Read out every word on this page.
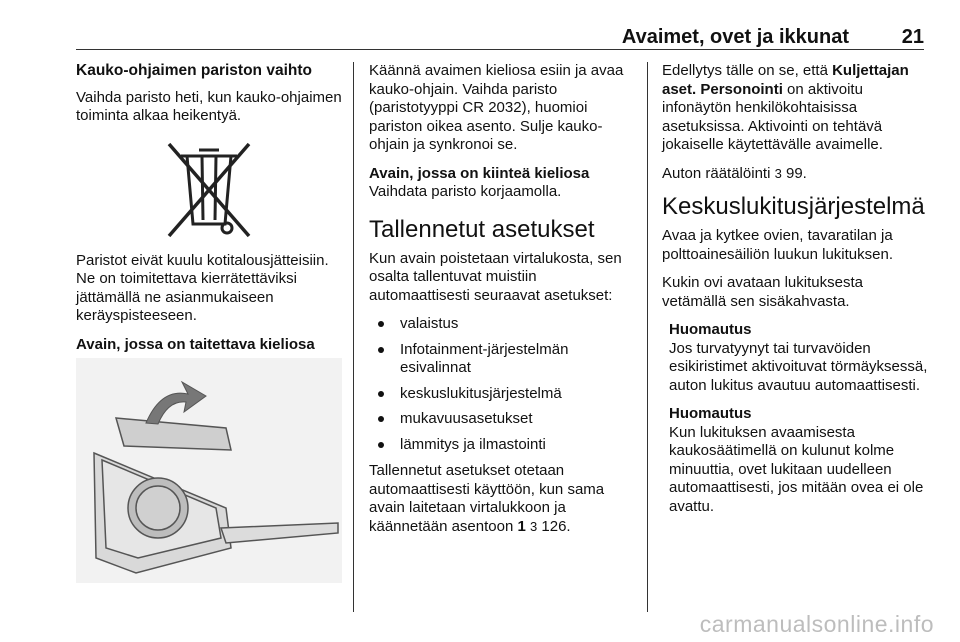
Avaimet, ovet ja ikkunat	21
Kauko-ohjaimen pariston vaihto

Vaihda paristo heti, kun kauko-ohjaimen toiminta alkaa heikentyä.

Paristot eivät kuulu kotitalousjätteisiin. Ne on toimitettava kierrätettäviksi jättämällä ne asianmukaiseen keräyspisteeseen.

Avain, jossa on taitettava kieliosa

Käännä avaimen kieliosa esiin ja avaa kauko-ohjain. Vaihda paristo (paristotyyppi CR 2032), huomioi pariston oikea asento. Sulje kauko-ohjain ja synkronoi se.

Avain, jossa on kiinteä kieliosa

Vaihdata paristo korjaamolla.

Tallennetut asetukset

Kun avain poistetaan virtalukosta, sen osalta tallentuvat muistiin automaattisesti seuraavat asetukset:

valaistus
Infotainment-järjestelmän esivalinnat
keskuslukitusjärjestelmä
mukavuusasetukset
lämmitys ja ilmastointi

Tallennetut asetukset otetaan automaattisesti käyttöön, kun sama avain laitetaan virtalukkoon ja käännetään asentoon 1 3 126.

Edellytys tälle on se, että Kuljettajan aset. Personointi on aktivoitu infonäytön henkilökohtaisissa asetuksissa. Aktivointi on tehtävä jokaiselle käytettävälle avaimelle.

Auton räätälöinti 3 99.

Keskuslukitusjärjestelmä

Avaa ja kytkee ovien, tavaratilan ja polttoainesäiliön luukun lukituksen.

Kukin ovi avataan lukituksesta vetämällä sen sisäkahvasta.

Huomautus

Jos turvatyynyt tai turvavöiden esikiristimet aktivoituvat törmäyksessä, auton lukitus avautuu automaattisesti.

Huomautus

Kun lukituksen avaamisesta kaukosäätimellä on kulunut kolme minuuttia, ovet lukitaan uudelleen automaattisesti, jos mitään ovea ei ole avattu.

carmanualsonline.info
